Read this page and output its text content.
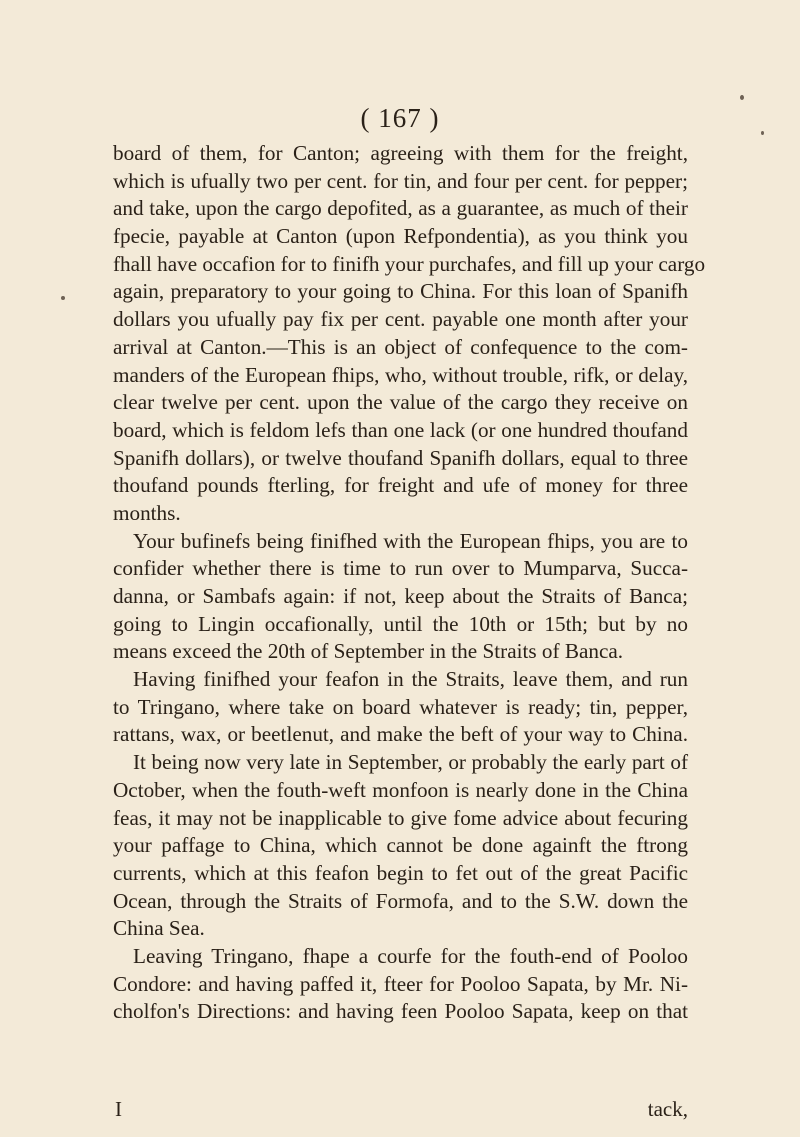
( 167 )
board of them, for Canton; agreeing with them for the freight,
which is ufually two per cent. for tin, and four per cent. for pepper;
and take, upon the cargo depofited, as a guarantee, as much of their
fpecie, payable at Canton (upon Refpondentia), as you think you
fhall have occafion for to finifh your purchafes, and fill up your cargo
again, preparatory to your going to China. For this loan of Spanifh
dollars you ufually pay fix per cent. payable one month after your
arrival at Canton.—This is an object of confequence to the com-
manders of the European fhips, who, without trouble, rifk, or delay,
clear twelve per cent. upon the value of the cargo they receive on
board, which is feldom lefs than one lack (or one hundred thoufand
Spanifh dollars), or twelve thoufand Spanifh dollars, equal to three
thoufand pounds fterling, for freight and ufe of money for three
months.
Your bufinefs being finifhed with the European fhips, you are to
confider whether there is time to run over to Mumparva, Succa-
danna, or Sambafs again: if not, keep about the Straits of Banca;
going to Lingin occafionally, until the 10th or 15th; but by no
means exceed the 20th of September in the Straits of Banca.
Having finifhed your feafon in the Straits, leave them, and run
to Tringano, where take on board whatever is ready; tin, pepper,
rattans, wax, or beetlenut, and make the beft of your way to China.
It being now very late in September, or probably the early part of
October, when the fouth-weft monfoon is nearly done in the China
feas, it may not be inapplicable to give fome advice about fecuring
your paffage to China, which cannot be done againft the ftrong
currents, which at this feafon begin to fet out of the great Pacific
Ocean, through the Straits of Formofa, and to the S.W. down the
China Sea.
Leaving Tringano, fhape a courfe for the fouth-end of Pooloo
Condore: and having paffed it, fteer for Pooloo Sapata, by Mr. Ni-
cholfon's Directions: and having feen Pooloo Sapata, keep on that
I	tack,
